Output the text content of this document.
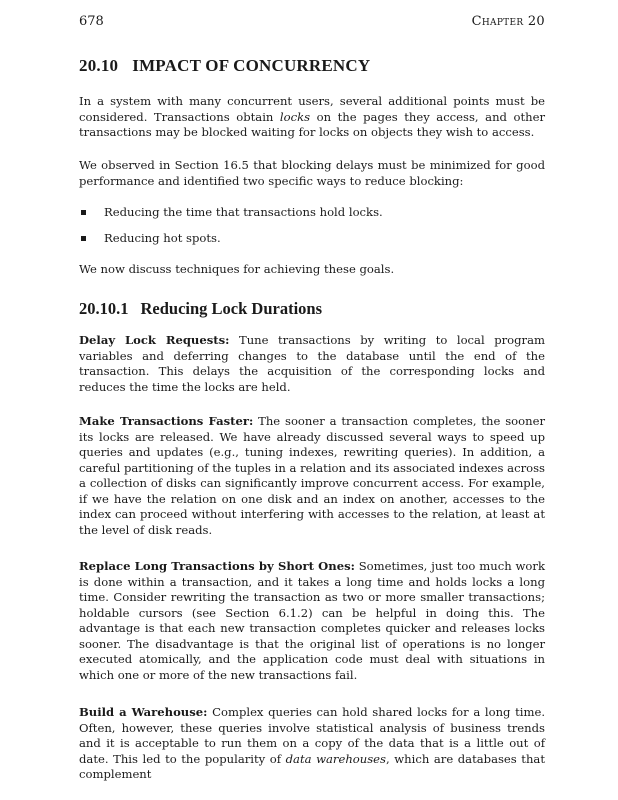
678	Chapter 20
20.10 IMPACT OF CONCURRENCY

In a system with many concurrent users, several additional points must be considered. Transactions obtain locks on the pages they access, and other transactions may be blocked waiting for locks on objects they wish to access.

We observed in Section 16.5 that blocking delays must be minimized for good performance and identified two specific ways to reduce blocking:

Reducing the time that transactions hold locks.
Reducing hot spots.

We now discuss techniques for achieving these goals.

20.10.1 Reducing Lock Durations

Delay Lock Requests: Tune transactions by writing to local program variables and deferring changes to the database until the end of the transaction. This delays the acquisition of the corresponding locks and reduces the time the locks are held.

Make Transactions Faster: The sooner a transaction completes, the sooner its locks are released. We have already discussed several ways to speed up queries and updates (e.g., tuning indexes, rewriting queries). In addition, a careful partitioning of the tuples in a relation and its associated indexes across a collection of disks can significantly improve concurrent access. For example, if we have the relation on one disk and an index on another, accesses to the index can proceed without interfering with accesses to the relation, at least at the level of disk reads.

Replace Long Transactions by Short Ones: Sometimes, just too much work is done within a transaction, and it takes a long time and holds locks a long time. Consider rewriting the transaction as two or more smaller transactions; holdable cursors (see Section 6.1.2) can be helpful in doing this. The advantage is that each new transaction completes quicker and releases locks sooner. The disadvantage is that the original list of operations is no longer executed atomically, and the application code must deal with situations in which one or more of the new transactions fail.

Build a Warehouse: Complex queries can hold shared locks for a long time. Often, however, these queries involve statistical analysis of business trends and it is acceptable to run them on a copy of the data that is a little out of date. This led to the popularity of data warehouses, which are databases that complement
